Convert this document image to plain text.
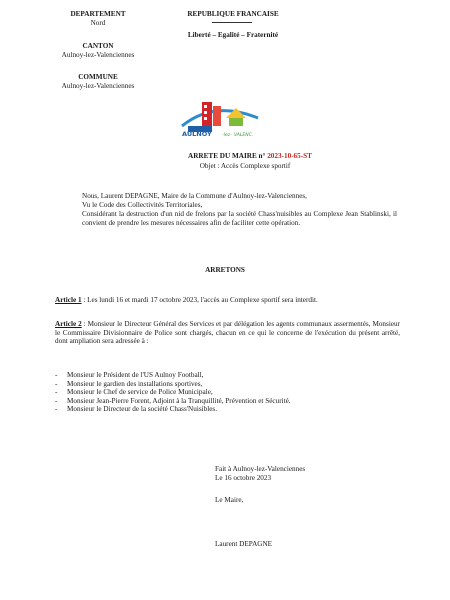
DEPARTEMENT
Nord
CANTON
Aulnoy-lez-Valenciennes
COMMUNE
Aulnoy-lez-Valenciennes
REPUBLIQUE FRANCAISE
Liberté – Egalité – Fraternité
AULNOY -lez- VALENC.
ARRETE DU MAIRE n° 2023-10-65-ST
Objet : Accès Complexe sportif
Nous, Laurent DEPAGNE, Maire de la Commune d'Aulnoy-lez-Valenciennes,
Vu le Code des Collectivités Territoriales,
Considérant la destruction d'un nid de frelons par la société Chass'nuisibles au Complexe Jean Stablinski, il convient de prendre les mesures nécessaires afin de faciliter cette opération.
ARRETONS
Article 1 : Les lundi 16 et mardi 17 octobre 2023, l'accès au Complexe sportif sera interdit.
Article 2 : Monsieur le Directeur Général des Services et par délégation les agents communaux assermentés, Monsieur le Commissaire Divisionnaire de Police sont chargés, chacun en ce qui le concerne de l'exécution du présent arrêté, dont ampliation sera adressée à :
- Monsieur le Président de l'US Aulnoy Football,
- Monsieur le gardien des installations sportives,
- Monsieur le Chef de service de Police Municipale,
- Monsieur Jean-Pierre Forent, Adjoint à la Tranquillité, Prévention et Sécurité.
- Monsieur le Directeur de la société Chass'Nuisibles.
Fait à Aulnoy-lez-Valenciennes
Le 16 octobre 2023
Le Maire,
Laurent DEPAGNE
